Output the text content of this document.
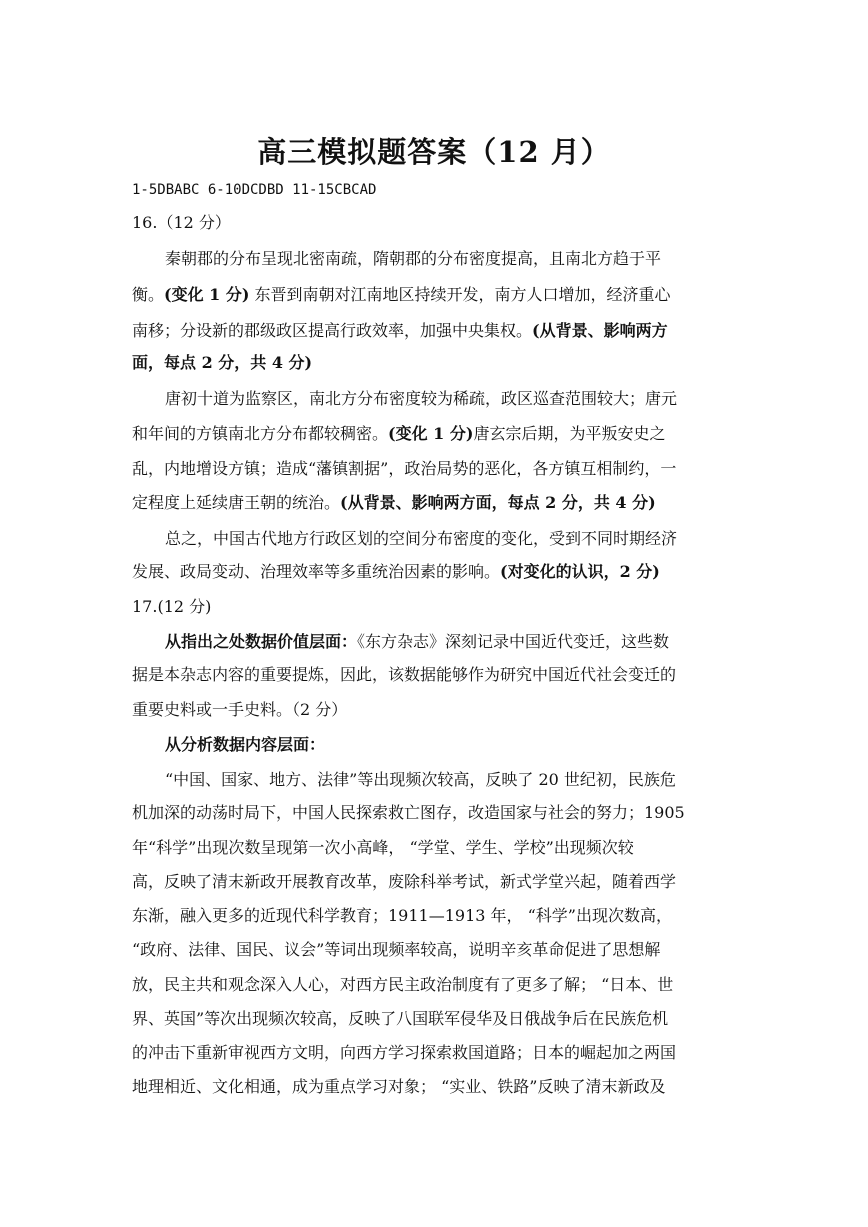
高三模拟题答案（12 月）
1-5DBABC 6-10DCDBD 11-15CBCAD
16.（12 分）
秦朝郡的分布呈现北密南疏，隋朝郡的分布密度提高，且南北方趋于平
衡。(变化 1 分) 东晋到南朝对江南地区持续开发，南方人口增加，经济重心
南移；分设新的郡级政区提高行政效率，加强中央集权。(从背景、影响两方
面，每点 2 分，共 4 分)
唐初十道为监察区，南北方分布密度较为稀疏，政区巡查范围较大；唐元
和年间的方镇南北方分布都较稠密。(变化 1 分)唐玄宗后期，为平叛安史之
乱，内地增设方镇；造成“藩镇割据”，政治局势的恶化，各方镇互相制约，一
定程度上延续唐王朝的统治。(从背景、影响两方面，每点 2 分，共 4 分)
总之，中国古代地方行政区划的空间分布密度的变化，受到不同时期经济
发展、政局变动、治理效率等多重统治因素的影响。(对变化的认识，2 分)
17.(12 分)
从指出之处数据价值层面：《东方杂志》深刻记录中国近代变迁，这些数
据是本杂志内容的重要提炼，因此，该数据能够作为研究中国近代社会变迁的
重要史料或一手史料。（2 分）
从分析数据内容层面：
“中国、国家、地方、法律”等出现频次较高，反映了 20 世纪初，民族危
机加深的动荡时局下，中国人民探索救亡图存，改造国家与社会的努力；1905
年“科学”出现次数呈现第一次小高峰， “学堂、学生、学校”出现频次较
高，反映了清末新政开展教育改革，废除科举考试，新式学堂兴起，随着西学
东渐，融入更多的近现代科学教育；1911—1913 年， “科学”出现次数高，
“政府、法律、国民、议会”等词出现频率较高，说明辛亥革命促进了思想解
放，民主共和观念深入人心，对西方民主政治制度有了更多了解； “日本、世
界、英国”等次出现频次较高，反映了八国联军侵华及日俄战争后在民族危机
的冲击下重新审视西方文明，向西方学习探索救国道路；日本的崛起加之两国
地理相近、文化相通，成为重点学习对象； “实业、铁路”反映了清末新政及
